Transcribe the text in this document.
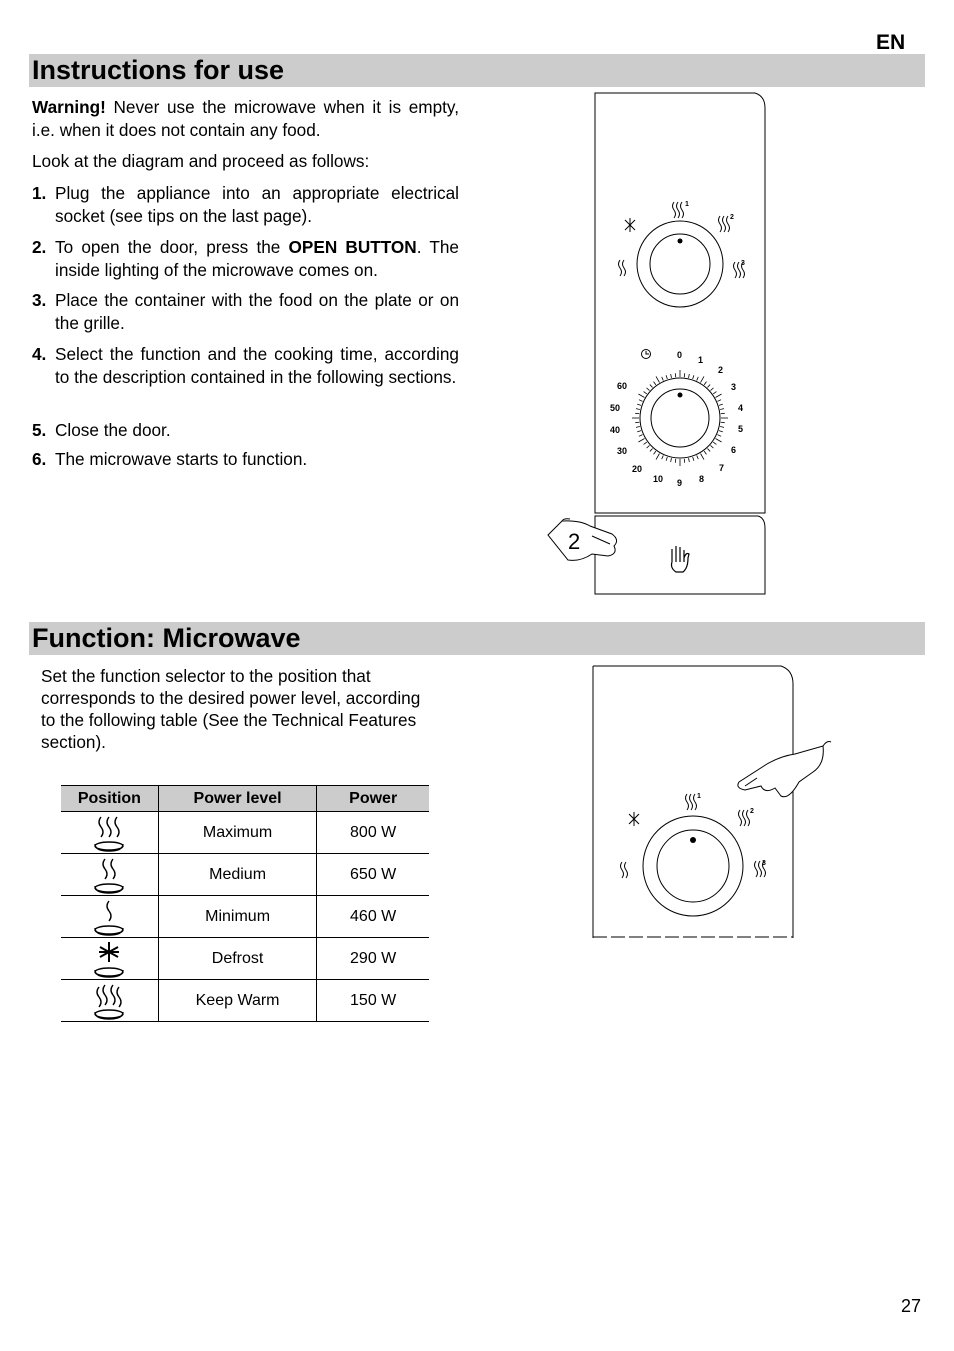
EN
Instructions for use

Warning! Never use the microwave when it is empty, i.e. when it does not contain any food.

Look at the diagram and proceed as follows:

1. Plug the appliance into an appropriate electrical socket (see tips on the last page).
2. To open the door, press the OPEN BUTTON. The inside lighting of the microwave comes on.
3. Place the container with the food on the plate or on the grille.
4. Select the function and the cooking time, according to the description contained in the following sections.
5. Close the door.
6. The microwave starts to function.
1
2
3
0 1
2
3
4
5
6
7
8
9
10
20
30
40
50
60
2
Function: Microwave

Set the function selector to the position that corresponds to the desired power level, according to the following table (See the Technical Features section).

Position	Power level	Power

	Maximum	800 W

	Medium	650 W

	Minimum	460 W

	Defrost	290 W

	Keep Warm	150 W
1
2
3
27
